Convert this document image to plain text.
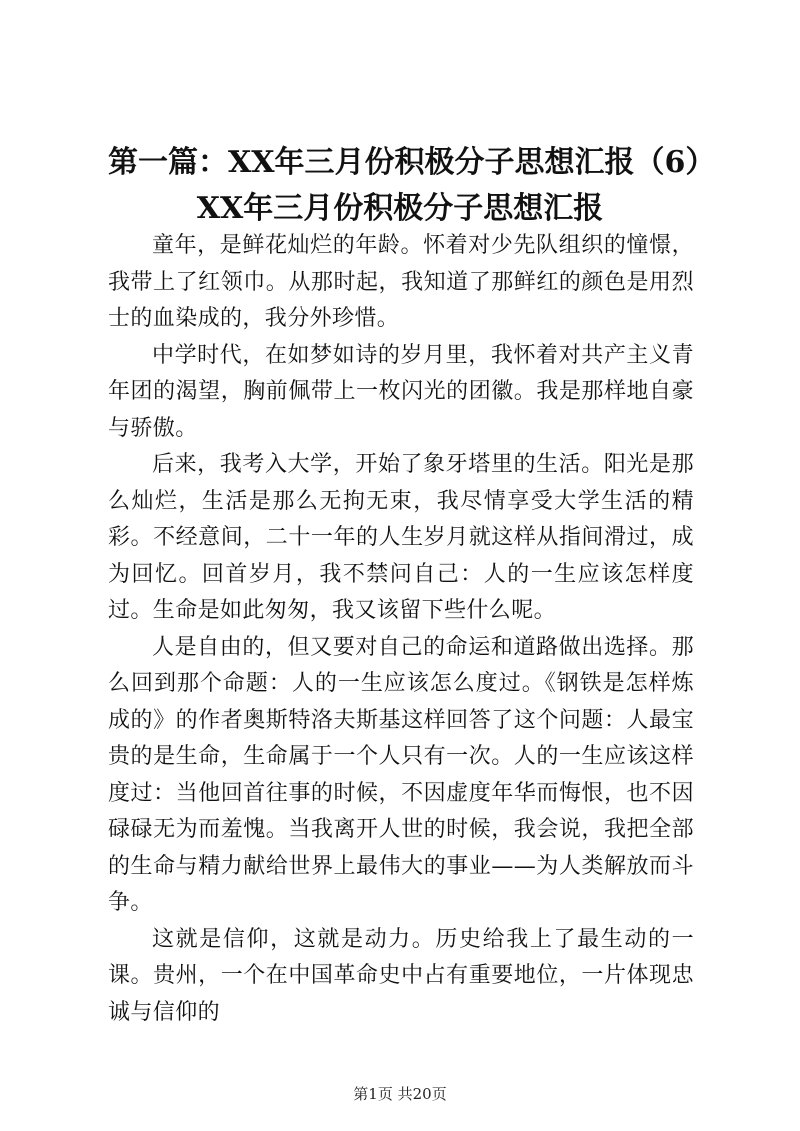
第一篇：XX年三月份积极分子思想汇报（6）
XX年三月份积极分子思想汇报

童年，是鲜花灿烂的年龄。怀着对少先队组织的憧憬，我带上了红领巾。从那时起，我知道了那鲜红的颜色是用烈士的血染成的，我分外珍惜。

中学时代，在如梦如诗的岁月里，我怀着对共产主义青年团的渴望，胸前佩带上一枚闪光的团徽。我是那样地自豪与骄傲。

后来，我考入大学，开始了象牙塔里的生活。阳光是那么灿烂，生活是那么无拘无束，我尽情享受大学生活的精彩。不经意间，二十一年的人生岁月就这样从指间滑过，成为回忆。回首岁月，我不禁问自己：人的一生应该怎样度过。生命是如此匆匆，我又该留下些什么呢。

人是自由的，但又要对自己的命运和道路做出选择。那么回到那个命题：人的一生应该怎么度过。《钢铁是怎样炼成的》的作者奥斯特洛夫斯基这样回答了这个问题：人最宝贵的是生命，生命属于一个人只有一次。人的一生应该这样度过：当他回首往事的时候，不因虚度年华而悔恨，也不因碌碌无为而羞愧。当我离开人世的时候，我会说，我把全部的生命与精力献给世界上最伟大的事业——为人类解放而斗争。

这就是信仰，这就是动力。历史给我上了最生动的一课。贵州，一个在中国革命史中占有重要地位，一片体现忠诚与信仰的

第1页 共20页
